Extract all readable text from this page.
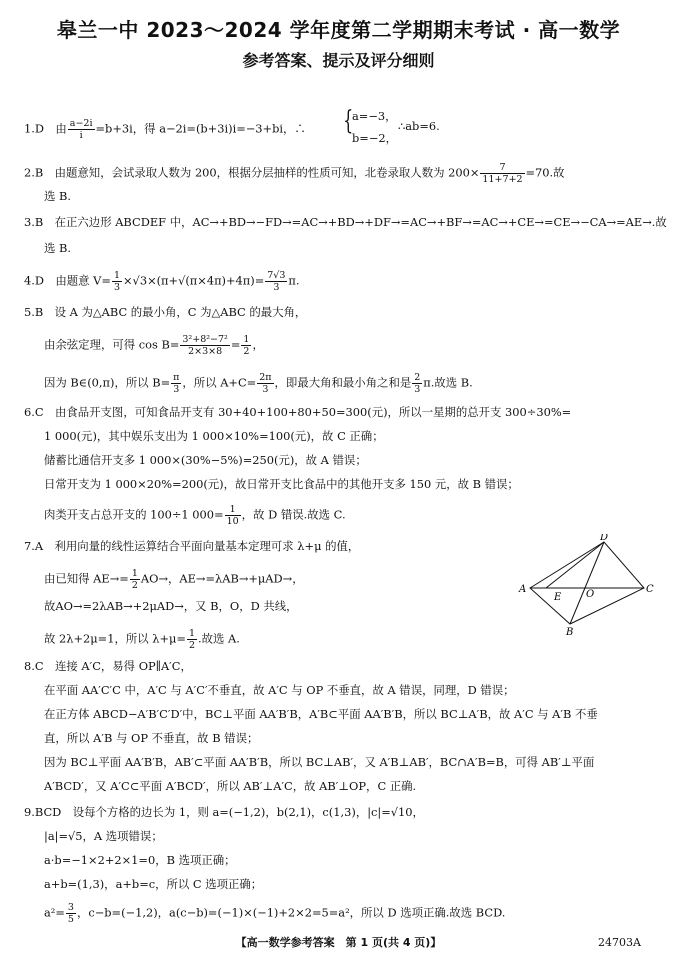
皋兰一中 2023～2024 学年度第二学期期末考试 · 高一数学
参考答案、提示及评分细则
1.D　由 $\frac{a-2i}{i} =b+3i$，得 a−2i=(b+3i)i=−3+bi，∴ {
a=−3，
b=−2，
∴ab=6.
2.B　由题意知，会试录取人数为 200，根据分层抽样的性质可知，北卷录取人数为 $200\times \frac{7}{11+7+2} =70$.故
选 B.
3.B　在正六边形 ABCDEF 中，AC→+BD→−FD→=AC→+BD→+DF→=AC→+BF→=AC→+CE→=CE→−CA→=AE→.故
选 B.
4.D　由题意 $V= \frac{1}{3} \times√3\times(\pi+√(\pi\times 4\pi)+4\pi)= \frac{7√3}{3} \pi$.
5.B　设 A 为△ABC 的最小角，C 为△ABC 的最大角，
由余弦定理，可得 $\cos B= \frac{\text{3²+8²−7²}}{2\times 3\times 8} = \frac{1}{2}$ ，
因为 B∈(0,π)，所以 $B= \frac{\pi}{3}$ ，所以 $A+C= \frac{2\pi}{3}$ ，即最大角和最小角之和是 $\frac{2}{3} \pi$.故选 B.
6.C　由食品开支图，可知食品开支有 30+40+100+80+50=300(元)，所以一星期的总开支 300÷30%=
1 000(元)，其中娱乐支出为 1 000×10%=100(元)，故 C 正确；
储蓄比通信开支多 1 000×(30%−5%)=250(元)，故 A 错误；
日常开支为 1 000×20%=200(元)，故日常开支比食品中的其他开支多 150 元，故 B 错误；
肉类开支占总开支的 100÷1 $000= \frac{1}{10}$ ，故 D 错误.故选 C.
7.A　利用向量的线性运算结合平面向量基本定理可求 λ+μ 的值，
由已知得 $AE\to= \frac{1}{2} AO\to$，AE→=λAB→+μAD→，
故AO→=2λAB→+2μAD→，又 B，O，D 共线，
故 2λ+2μ=1，所以 $\lambda+\mu= \frac{1}{2}$ .故选 A.
A
B
C
D
E O
8.C　连接 A′C，易得 OP∥A′C，
在平面 AA′C′C 中，A′C 与 A′C′不垂直，故 A′C 与 OP 不垂直，故 A 错误，同理，D 错误；
在正方体 ABCD−A′B′C′D′中，BC⊥平面 AA′B′B，A′B⊂平面 AA′B′B，所以 BC⊥A′B，故 A′C 与 A′B 不垂
直，所以 A′B 与 OP 不垂直，故 B 错误；
因为 BC⊥平面 AA′B′B，AB′⊂平面 AA′B′B，所以 BC⊥AB′，又 A′B⊥AB′，BC∩A′B=B，可得 AB′⊥平面
A′BCD′，又 A′C⊂平面 A′BCD′，所以 AB′⊥A′C，故 AB′⊥OP，C 正确.
9.BCD　设每个方格的边长为 1，则 a=(−1,2)，b(2,1)，c(1,3)，|c|=√10，
|a|=√5，A 选项错误；
a·b=−1×2+2×1=0，B 选项正确；
a+b=(1,3)，a+b=c，所以 C 选项正确；
$a^2= \frac{3}{5}$ ，c−b=(−1,2)，a(c−b)=(−1)×(−1)+2×2=5=a²，所以 D 选项正确.故选 BCD.
【高一数学参考答案　第 1 页(共 4 页)】	24703A
